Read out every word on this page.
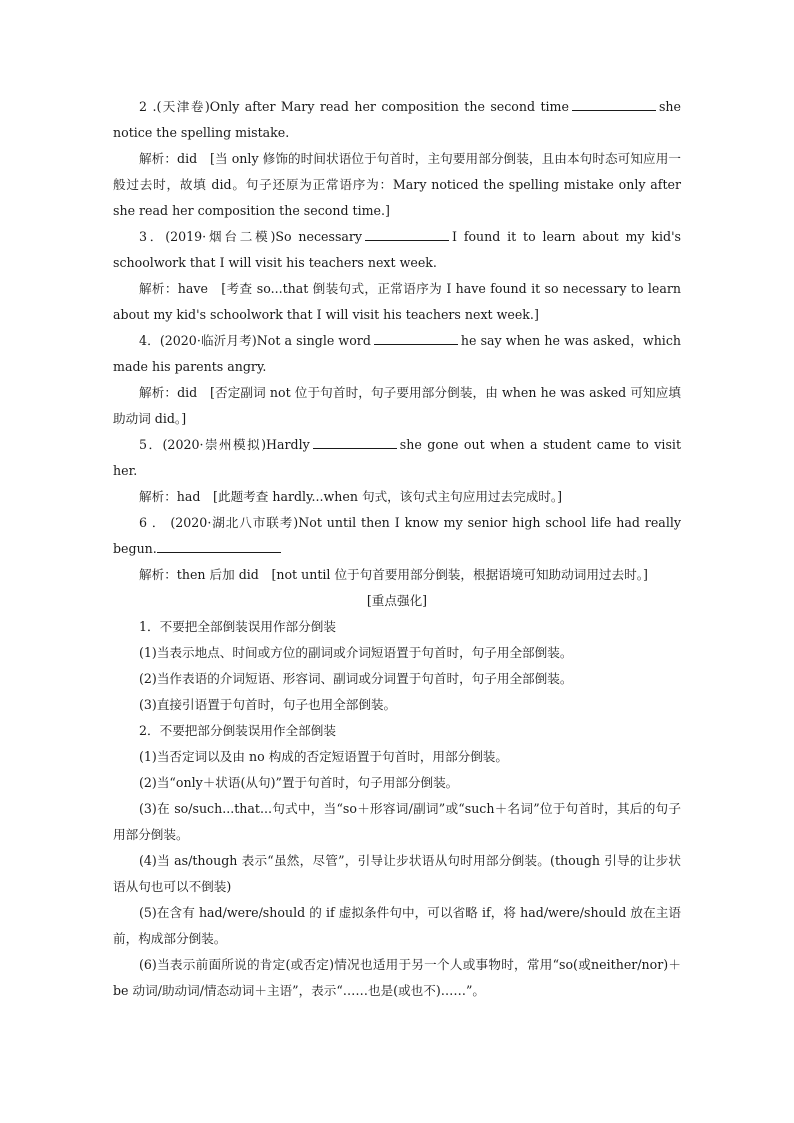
2 .(天津卷)Only after Mary read her composition the second time	she notice the spelling mistake.

解析：did　[当 only 修饰的时间状语位于句首时，主句要用部分倒装，且由本句时态可知应用一般过去时，故填 did。句子还原为正常语序为：Mary noticed the spelling mistake only after she read her composition the second time.]

3．(2019·烟台二模)So necessary	I found it to learn about my kid's schoolwork that I will visit his teachers next week.

解析：have　[考查 so...that 倒装句式，正常语序为 I have found it so necessary to learn about my kid's schoolwork that I will visit his teachers next week.]

4．(2020·临沂月考)Not a single word	he say when he was asked，which made his parents angry.

解析：did　[否定副词 not 位于句首时，句子要用部分倒装，由 when he was asked 可知应填助动词 did。]

5．(2020·崇州模拟)Hardly	she gone out when a student came to visit her.

解析：had　[此题考查 hardly...when 句式，该句式主句应用过去完成时。]

6 ． (2020·湖北八市联考)Not until then I know my senior high school life had really begun.

解析：then 后加 did　[not until 位于句首要用部分倒装，根据语境可知助动词用过去时。]

[重点强化]

1．不要把全部倒装误用作部分倒装

(1)当表示地点、时间或方位的副词或介词短语置于句首时，句子用全部倒装。

(2)当作表语的介词短语、形容词、副词或分词置于句首时，句子用全部倒装。

(3)直接引语置于句首时，句子也用全部倒装。

2．不要把部分倒装误用作全部倒装

(1)当否定词以及由 no 构成的否定短语置于句首时，用部分倒装。

(2)当“only＋状语(从句)”置于句首时，句子用部分倒装。

(3)在 so/such...that...句式中，当“so＋形容词/副词”或“such＋名词”位于句首时，其后的句子用部分倒装。

(4)当 as/though 表示“虽然，尽管”，引导让步状语从句时用部分倒装。(though 引导的让步状语从句也可以不倒装)

(5)在含有 had/were/should 的 if 虚拟条件句中，可以省略 if，将 had/were/should 放在主语前，构成部分倒装。

(6)当表示前面所说的肯定(或否定)情况也适用于另一个人或事物时，常用“so(或neither/nor)＋be 动词/助动词/情态动词＋主语”，表示“……也是(或也不)……”。
